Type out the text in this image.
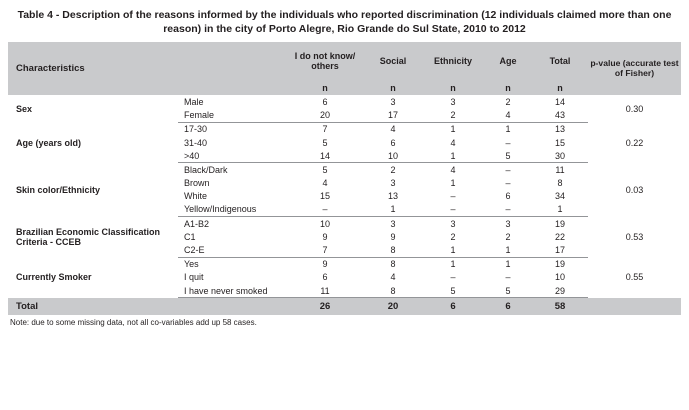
Table 4 - Description of the reasons informed by the individuals who reported discrimination (12 individuals claimed more than one reason) in the city of Porto Alegre, Rio Grande do Sul State, 2010 to 2012
Characteristics		I do not know/ others	Social	Ethnicity	Age	Total	p-value (accurate test of Fisher)
		n	n	n	n	n	
Sex	Male	6	3	3	2	14	0.30
	Female	20	17	2	4	43	
Age (years old)	17-30	7	4	1	1	13	0.22
	31-40	5	6	4	–	15	
	>40	14	10	1	5	30	
Skin color/Ethnicity	Black/Dark	5	2	4	–	11	0.03
	Brown	4	3	1	–	8	
	White	15	13	–	6	34	
	Yellow/Indigenous	–	1	–	–	1	
Brazilian Economic Classification
Criteria - CCEB	A1-B2	10	3	3	3	19	0.53
	C1	9	9	2	2	22	
	C2-E	7	8	1	1	17	
Currently Smoker	Yes	9	8	1	1	19	0.55
	I quit	6	4	–	–	10	
	I have never smoked	11	8	5	5	29	
Total		26	20	6	6	58	
Note: due to some missing data, not all co-variables add up 58 cases.
